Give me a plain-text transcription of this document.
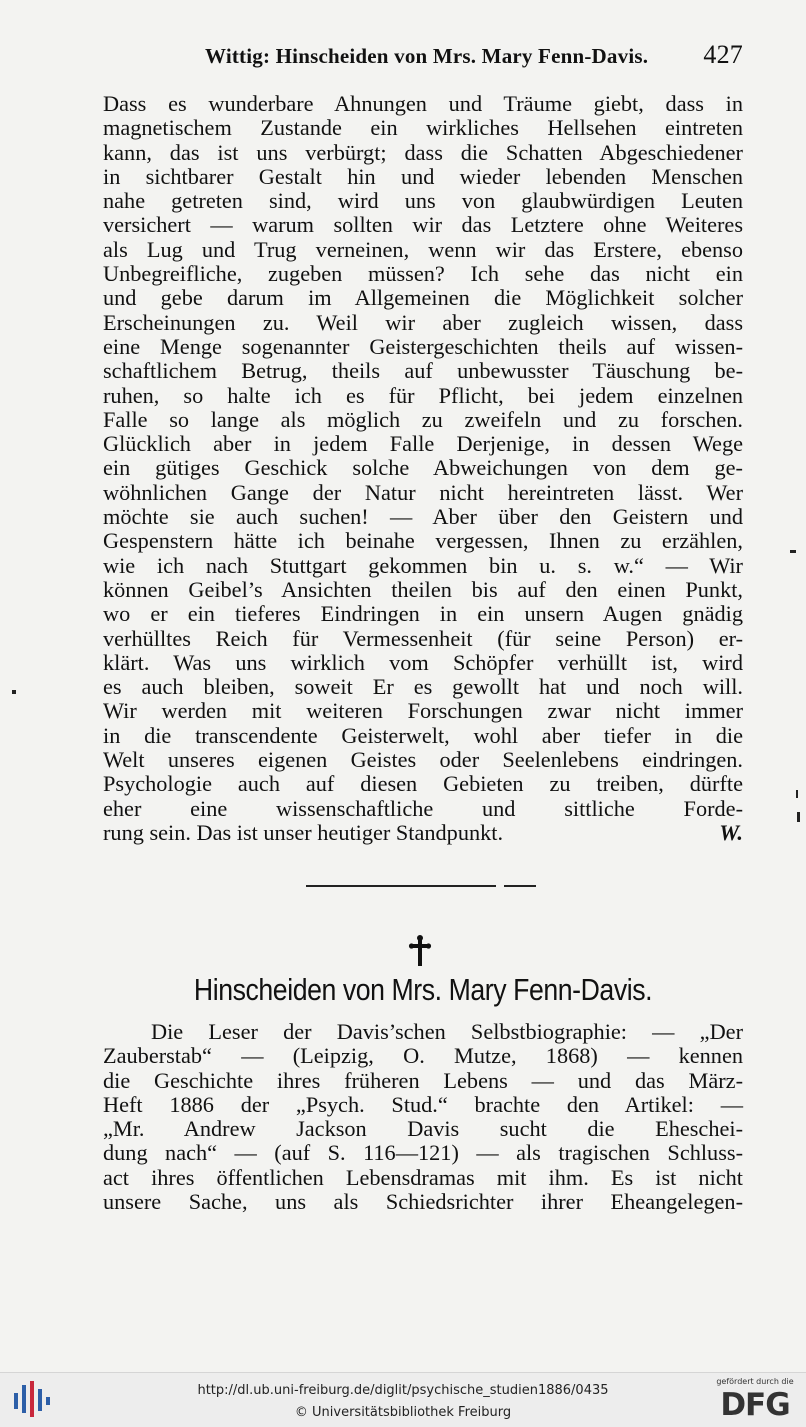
Wittig: Hinscheiden von Mrs. Mary Fenn-Davis. 427
Dass es wunderbare Ahnungen und Träume giebt, dass in
magnetischem Zustande ein wirkliches Hellsehen eintreten
kann, das ist uns verbürgt; dass die Schatten Abgeschiedener
in sichtbarer Gestalt hin und wieder lebenden Menschen
nahe getreten sind, wird uns von glaubwürdigen Leuten
versichert — warum sollten wir das Letztere ohne Weiteres
als Lug und Trug verneinen, wenn wir das Erstere, ebenso
Unbegreifliche, zugeben müssen? Ich sehe das nicht ein
und gebe darum im Allgemeinen die Möglichkeit solcher
Erscheinungen zu. Weil wir aber zugleich wissen, dass
eine Menge sogenannter Geistergeschichten theils auf wissen-
schaftlichem Betrug, theils auf unbewusster Täuschung be-
ruhen, so halte ich es für Pflicht, bei jedem einzelnen
Falle so lange als möglich zu zweifeln und zu forschen.
Glücklich aber in jedem Falle Derjenige, in dessen Wege
ein gütiges Geschick solche Abweichungen von dem ge-
wöhnlichen Gange der Natur nicht hereintreten lässt. Wer
möchte sie auch suchen! — Aber über den Geistern und
Gespenstern hätte ich beinahe vergessen, Ihnen zu erzählen,
wie ich nach Stuttgart gekommen bin u. s. w.“ — Wir
können Geibel’s Ansichten theilen bis auf den einen Punkt,
wo er ein tieferes Eindringen in ein unsern Augen gnädig
verhülltes Reich für Vermessenheit (für seine Person) er-
klärt. Was uns wirklich vom Schöpfer verhüllt ist, wird
es auch bleiben, soweit Er es gewollt hat und noch will.
Wir werden mit weiteren Forschungen zwar nicht immer
in die transcendente Geisterwelt, wohl aber tiefer in die
Welt unseres eigenen Geistes oder Seelenlebens eindringen.
Psychologie auch auf diesen Gebieten zu treiben, dürfte
eher eine wissenschaftliche und sittliche Forde-
rung sein. Das ist unser heutiger Standpunkt.	W.
Hinscheiden von Mrs. Mary Fenn-Davis.
Die Leser der Davis’schen Selbstbiographie: — „Der
Zauberstab“ — (Leipzig, O. Mutze, 1868) — kennen
die Geschichte ihres früheren Lebens — und das März-
Heft 1886 der „Psych. Stud.“ brachte den Artikel: —
„Mr. Andrew Jackson Davis sucht die Eheschei-
dung nach“ — (auf S. 116—121) — als tragischen Schluss-
act ihres öffentlichen Lebensdramas mit ihm. Es ist nicht
unsere Sache, uns als Schiedsrichter ihrer Eheangelegen-
http://dl.ub.uni-freiburg.de/diglit/psychische_studien1886/0435
© Universitätsbibliothek Freiburg
gefördert durch die
DFG
